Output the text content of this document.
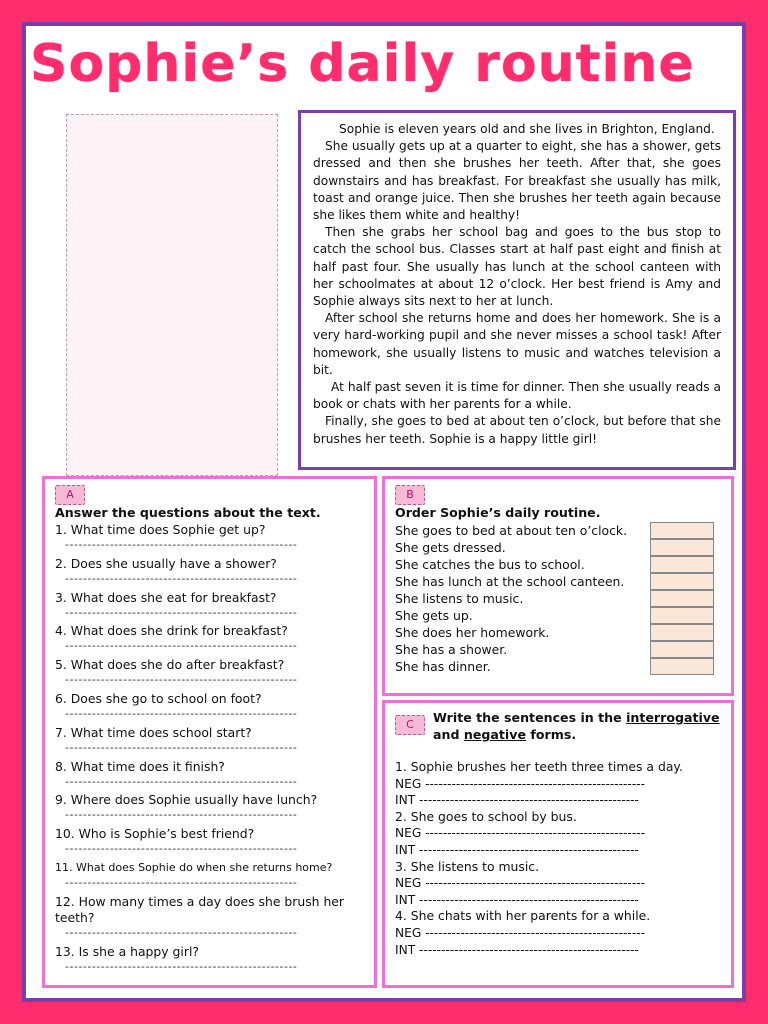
Sophie’s daily routine

Sophie is eleven years old and she lives in Brighton, England.

She usually gets up at a quarter to eight, she has a shower, gets dressed and then she brushes her teeth. After that, she goes downstairs and has breakfast. For breakfast she usually has milk, toast and orange juice. Then she brushes her teeth again because she likes them white and healthy!

Then she grabs her school bag and goes to the bus stop to catch the school bus. Classes start at half past eight and finish at half past four. She usually has lunch at the school canteen with her schoolmates at about 12 o’clock. Her best friend is Amy and Sophie always sits next to her at lunch.

After school she returns home and does her homework. She is a very hard-working pupil and she never misses a school task! After homework, she usually listens to music and watches television a bit.

At half past seven it is time for dinner. Then she usually reads a book or chats with her parents for a while.

Finally, she goes to bed at about ten o’clock, but before that she brushes her teeth. Sophie is a happy little girl!

A
Answer the questions about the text.
1. What time does Sophie get up?
----------------------------------------------------
2. Does she usually have a shower?
----------------------------------------------------
3. What does she eat for breakfast?
----------------------------------------------------
4. What does she drink for breakfast?
----------------------------------------------------
5. What does she do after breakfast?
----------------------------------------------------
6. Does she go to school on foot?
----------------------------------------------------
7. What time does school start?
----------------------------------------------------
8. What time does it finish?
----------------------------------------------------
9. Where does Sophie usually have lunch?
----------------------------------------------------
10. Who is Sophie’s best friend?
----------------------------------------------------
11. What does Sophie do when she returns home?
----------------------------------------------------
12. How many times a day does she brush her teeth?
----------------------------------------------------
13. Is she a happy girl?
----------------------------------------------------
B
Order Sophie’s daily routine.
She goes to bed at about ten o’clock.
She gets dressed.
She catches the bus to school.
She has lunch at the school canteen.
She listens to music.
She gets up.
She does her homework.
She has a shower.
She has dinner.
C	Write the sentences in the interrogative
and negative forms.
1. Sophie brushes her teeth three times a day.
NEG --------------------------------------------------
INT --------------------------------------------------
2. She goes to school by bus.
NEG --------------------------------------------------
INT --------------------------------------------------
3. She listens to music.
NEG --------------------------------------------------
INT --------------------------------------------------
4. She chats with her parents for a while.
NEG --------------------------------------------------
INT --------------------------------------------------
